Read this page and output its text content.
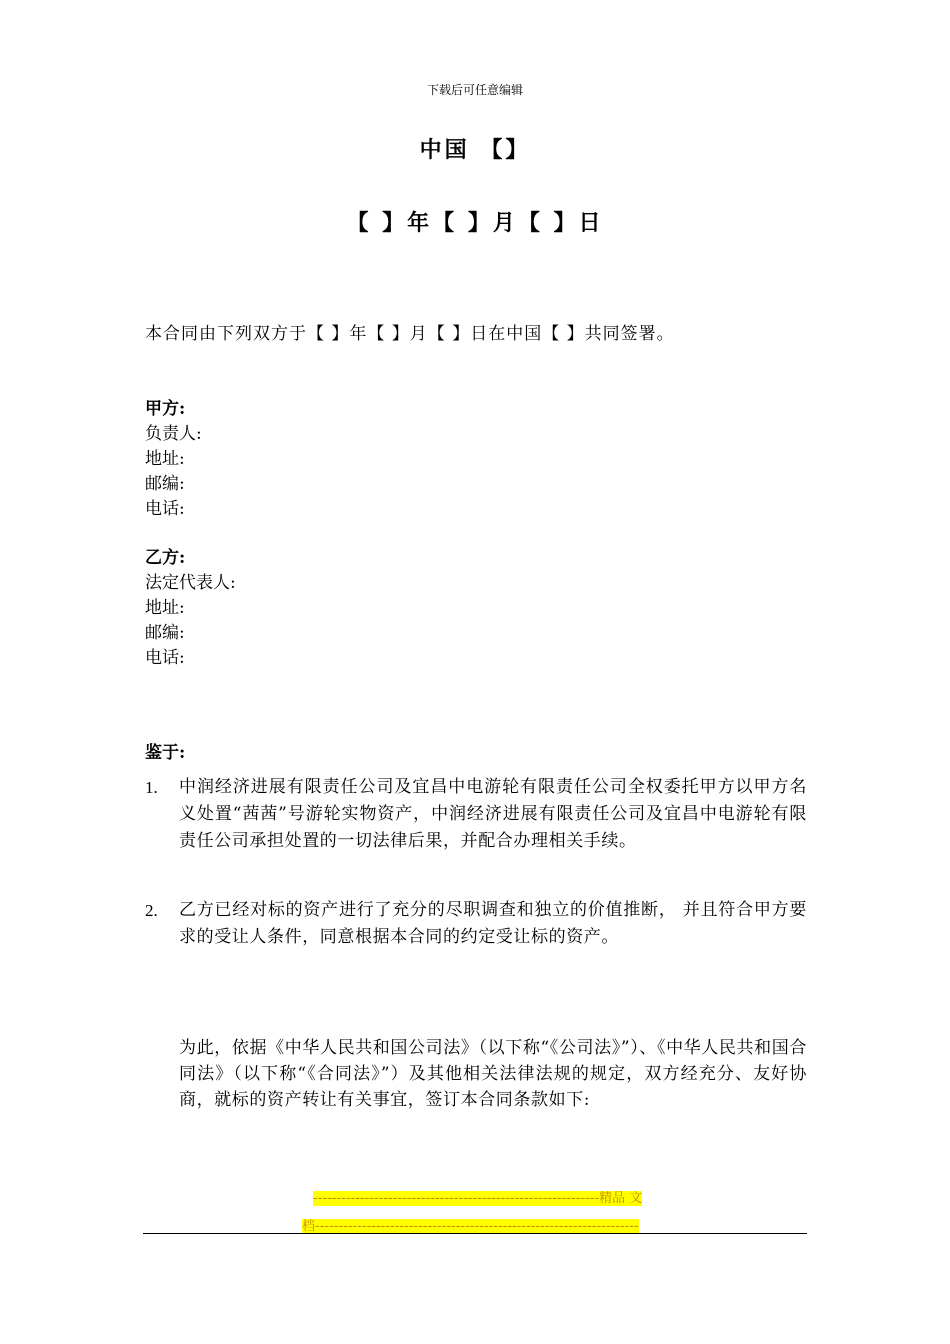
下载后可任意编辑
中国 【】
【 】年【 】月【 】日
本合同由下列双方于【 】年【 】月【 】日在中国【 】共同签署。
甲方:
负责人:
地址:
邮编:
电话:
乙方:
法定代表人:
地址:
邮编:
电话:
鉴于:
1. 中润经济进展有限责任公司及宜昌中电游轮有限责任公司全权委托甲方以甲方名义处置“茜茜”号游轮实物资产，中润经济进展有限责任公司及宜昌中电游轮有限责任公司承担处置的一切法律后果，并配合办理相关手续。
2. 乙方已经对标的资产进行了充分的尽职调查和独立的价值推断， 并且符合甲方要求的受让人条件，同意根据本合同的约定受让标的资产。
为此，依据《中华人民共和国公司法》（以下称“《公司法》”）、《中华人民共和国合同法》（以下称“《合同法》”）及其他相关法律法规的规定，双方经充分、友好协商，就标的资产转让有关事宜，签订本合同条款如下:
-------------------------------------------------------------精品 文
档---------------------------------------------------------------------
